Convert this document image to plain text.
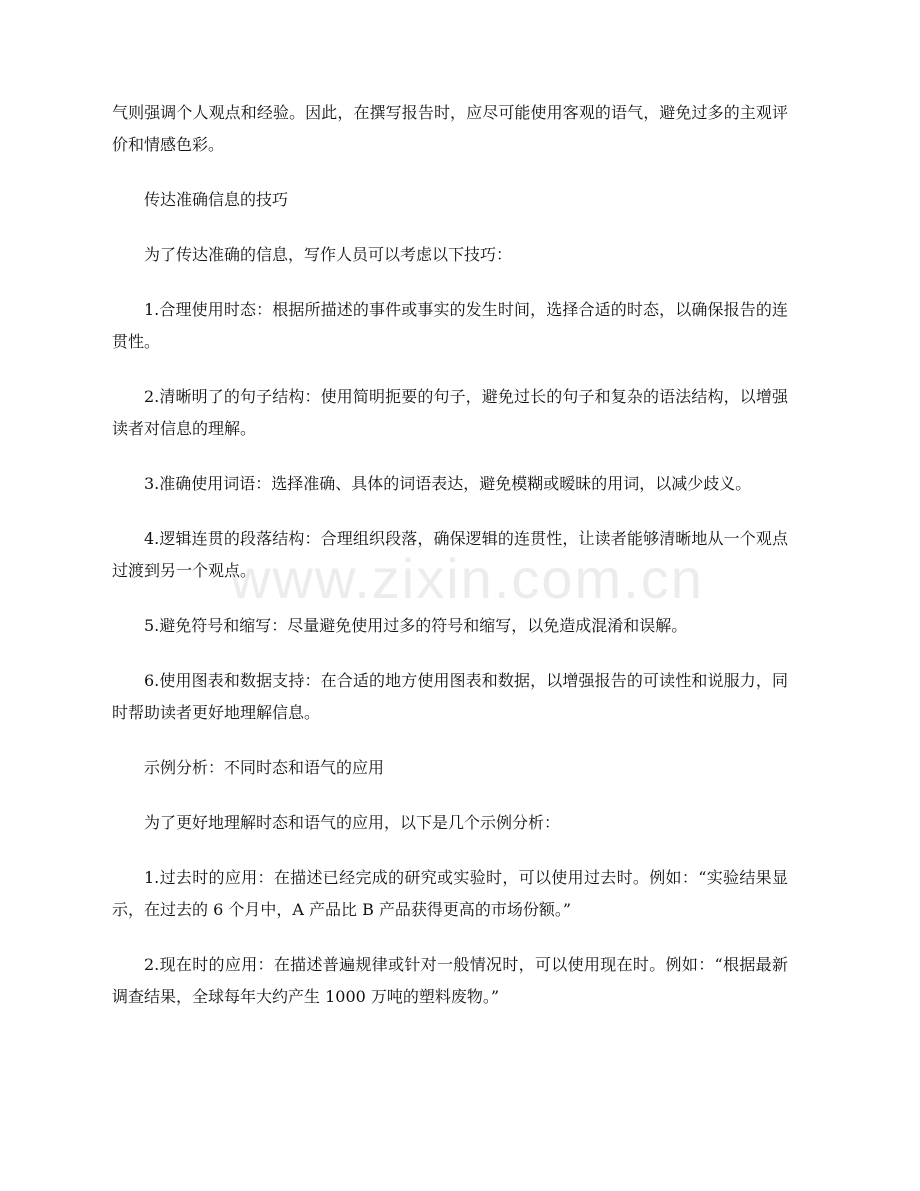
气则强调个人观点和经验。因此，在撰写报告时，应尽可能使用客观的语气，避免过多的主观评价和情感色彩。

传达准确信息的技巧

为了传达准确的信息，写作人员可以考虑以下技巧：

1.合理使用时态：根据所描述的事件或事实的发生时间，选择合适的时态，以确保报告的连贯性。

2.清晰明了的句子结构：使用简明扼要的句子，避免过长的句子和复杂的语法结构，以增强读者对信息的理解。

3.准确使用词语：选择准确、具体的词语表达，避免模糊或暧昧的用词，以减少歧义。

4.逻辑连贯的段落结构：合理组织段落，确保逻辑的连贯性，让读者能够清晰地从一个观点过渡到另一个观点。

5.避免符号和缩写：尽量避免使用过多的符号和缩写，以免造成混淆和误解。

6.使用图表和数据支持：在合适的地方使用图表和数据，以增强报告的可读性和说服力，同时帮助读者更好地理解信息。

示例分析：不同时态和语气的应用

为了更好地理解时态和语气的应用，以下是几个示例分析：

1.过去时的应用：在描述已经完成的研究或实验时，可以使用过去时。例如：“实验结果显示，在过去的 6 个月中，A 产品比 B 产品获得更高的市场份额。”

2.现在时的应用：在描述普遍规律或针对一般情况时，可以使用现在时。例如：“根据最新调查结果，全球每年大约产生 1000 万吨的塑料废物。”

www.zixin.com.cn
